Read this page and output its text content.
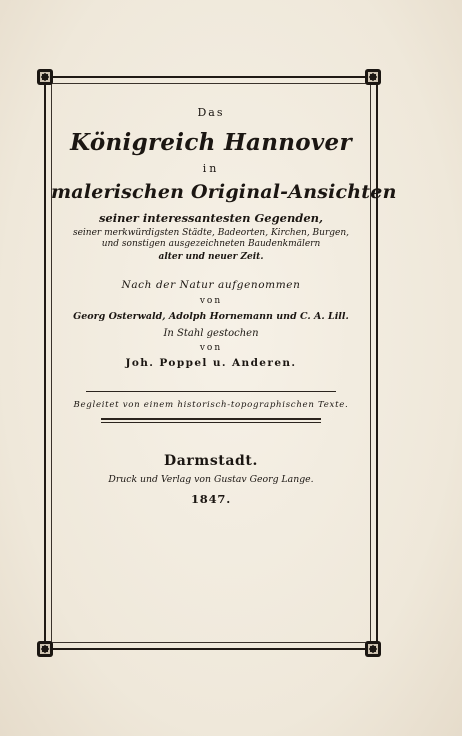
Das
Königreich Hannover
in
malerischen Original-Ansichten
seiner interessantesten Gegenden,
seiner merkwürdigsten Städte, Badeorten, Kirchen, Burgen,
und sonstigen ausgezeichneten Baudenkmälern
alter und neuer Zeit.
Nach der Natur aufgenommen
von
Georg Osterwald, Adolph Hornemann und C. A. Lill.
In Stahl gestochen
von
Joh. Poppel u. Anderen.
Begleitet von einem historisch-topographischen Texte.
Darmstadt.
Druck und Verlag von Gustav Georg Lange.
1847.
